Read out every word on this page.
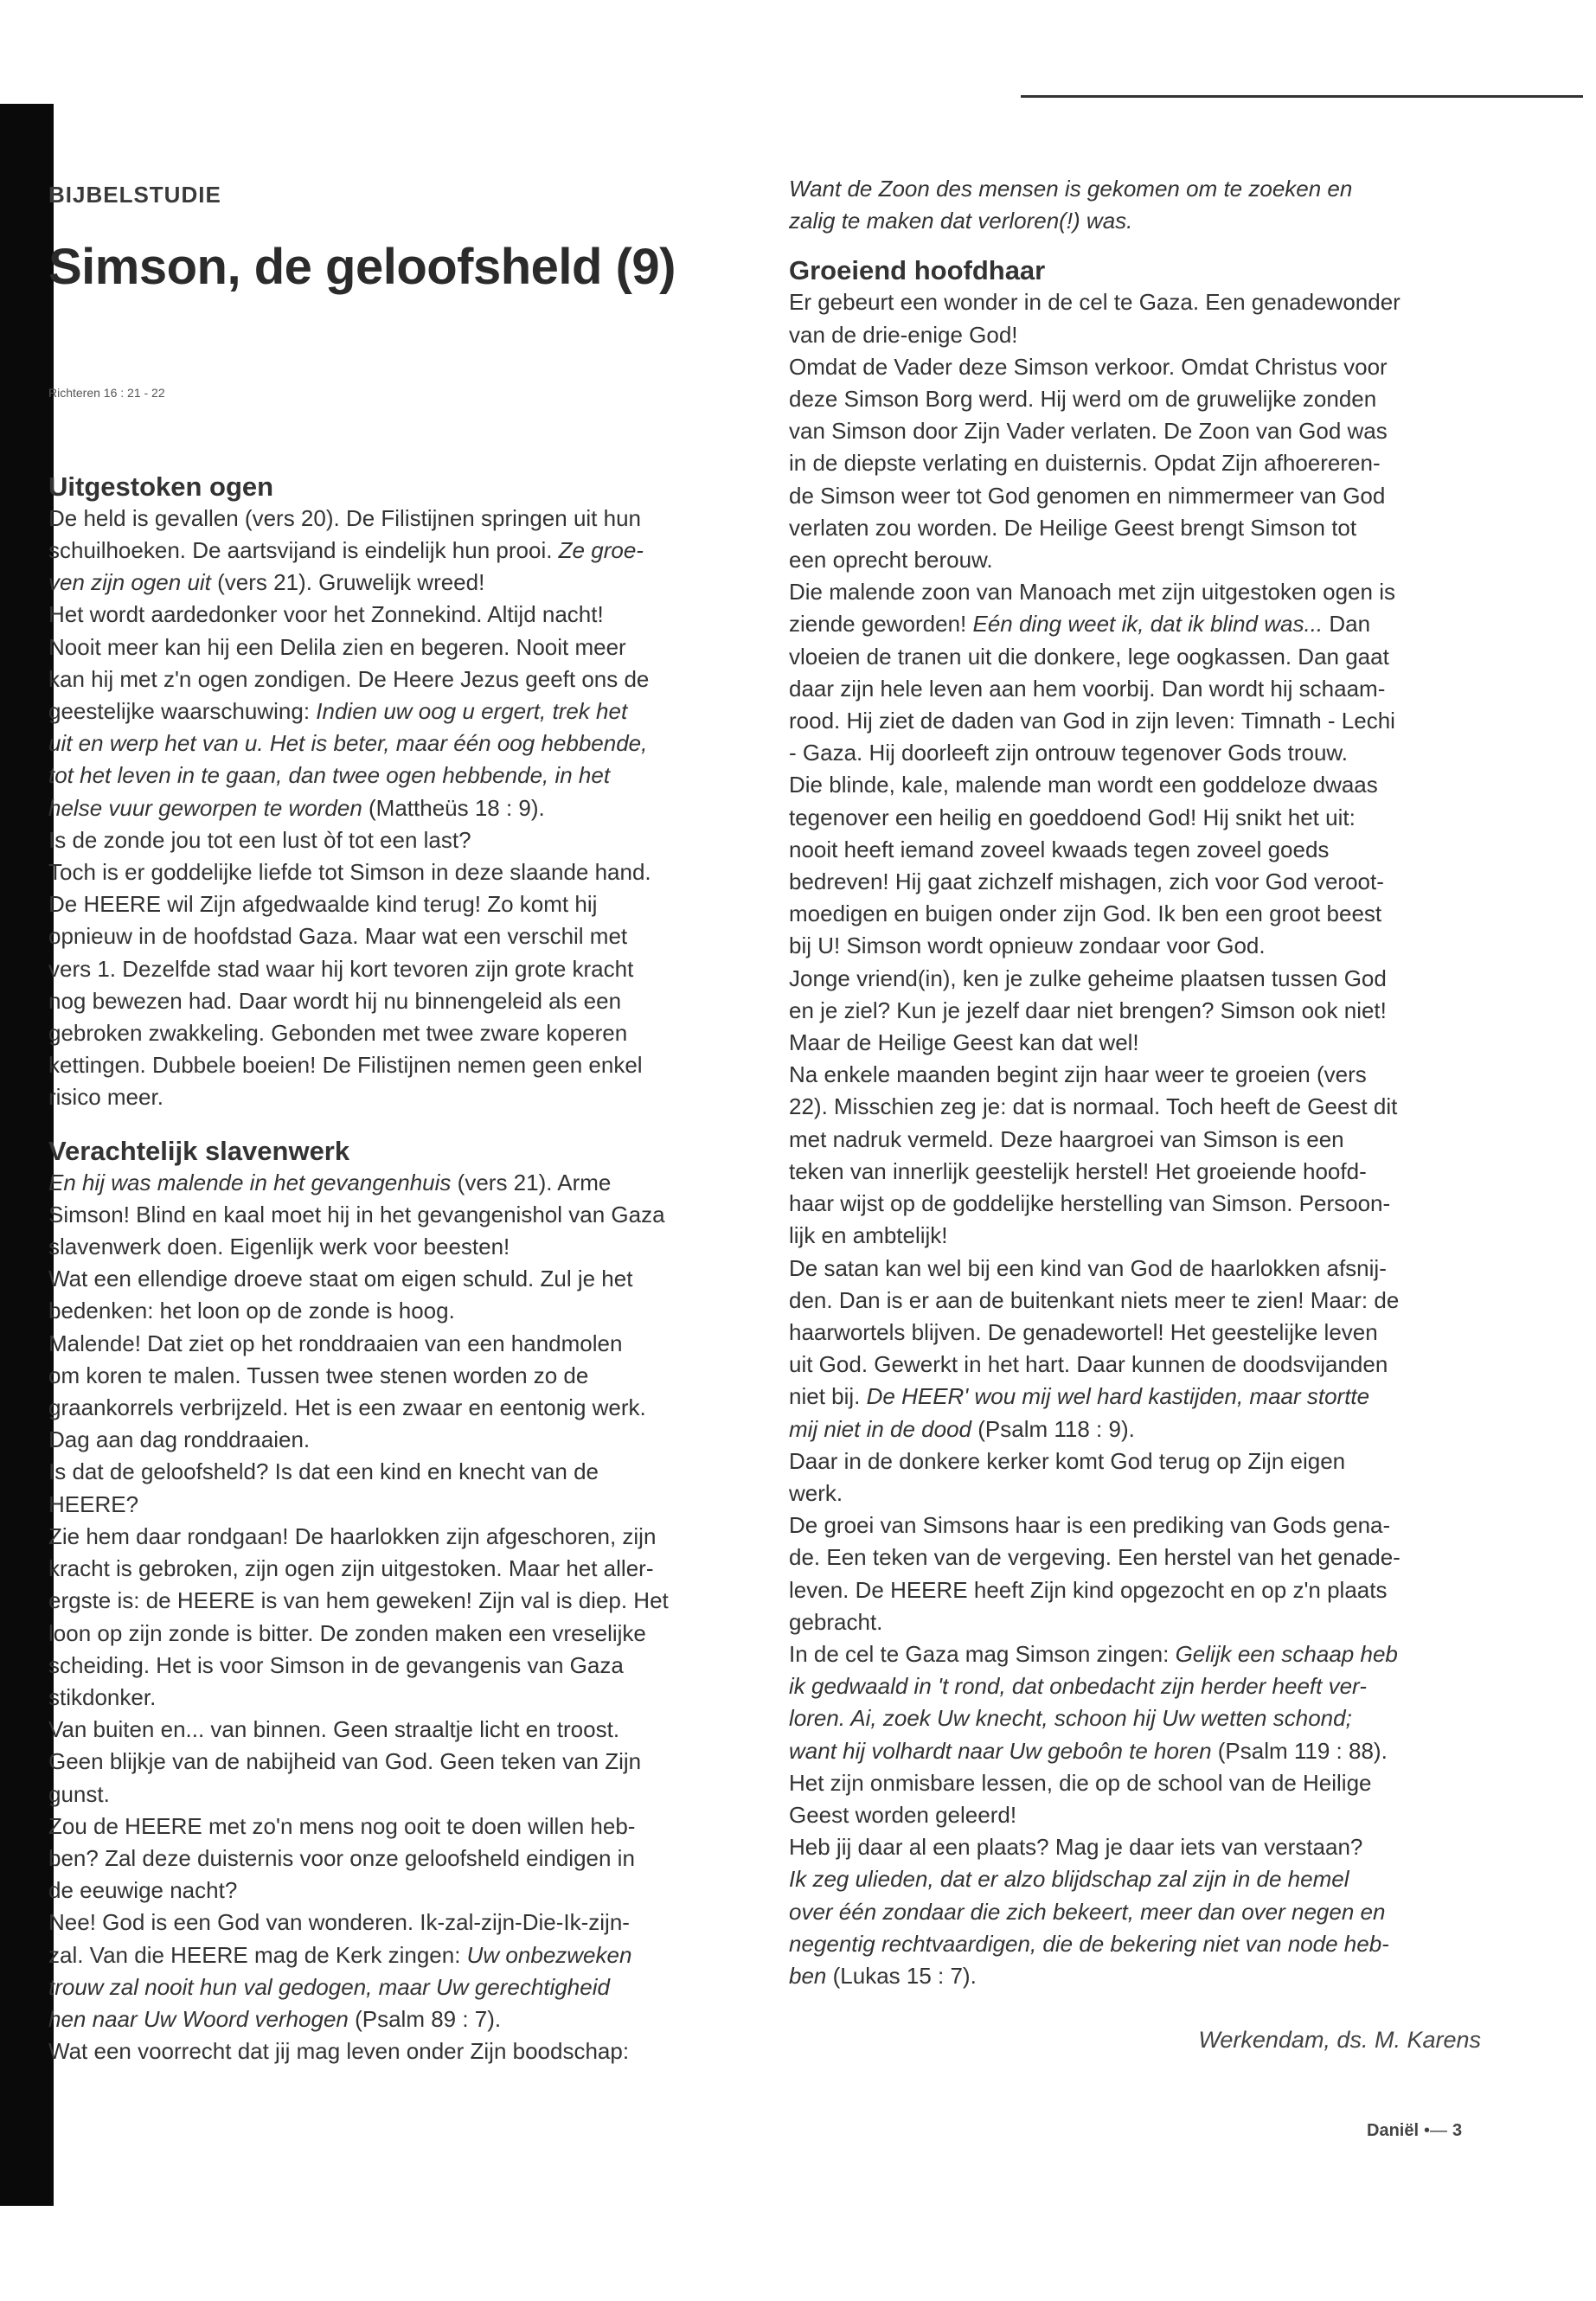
BIJBELSTUDIE
Simson, de geloofsheld (9)
Richteren 16 : 21 - 22
Uitgestoken ogen
De held is gevallen (vers 20). De Filistijnen springen uit hun
schuilhoeken. De aartsvijand is eindelijk hun prooi. Ze groe-
ven zijn ogen uit (vers 21). Gruwelijk wreed!
Het wordt aardedonker voor het Zonnekind. Altijd nacht!
Nooit meer kan hij een Delila zien en begeren. Nooit meer
kan hij met z'n ogen zondigen. De Heere Jezus geeft ons de
geestelijke waarschuwing: Indien uw oog u ergert, trek het
uit en werp het van u. Het is beter, maar één oog hebbende,
tot het leven in te gaan, dan twee ogen hebbende, in het
helse vuur geworpen te worden (Mattheüs 18 : 9).
Is de zonde jou tot een lust òf tot een last?
Toch is er goddelijke liefde tot Simson in deze slaande hand.
De HEERE wil Zijn afgedwaalde kind terug! Zo komt hij
opnieuw in de hoofdstad Gaza. Maar wat een verschil met
vers 1. Dezelfde stad waar hij kort tevoren zijn grote kracht
nog bewezen had. Daar wordt hij nu binnengeleid als een
gebroken zwakkeling. Gebonden met twee zware koperen
kettingen. Dubbele boeien! De Filistijnen nemen geen enkel
risico meer.
Verachtelijk slavenwerk
En hij was malende in het gevangenhuis (vers 21). Arme
Simson! Blind en kaal moet hij in het gevangenishol van Gaza
slavenwerk doen. Eigenlijk werk voor beesten!
Wat een ellendige droeve staat om eigen schuld. Zul je het
bedenken: het loon op de zonde is hoog.
Malende! Dat ziet op het ronddraaien van een handmolen
om koren te malen. Tussen twee stenen worden zo de
graankorrels verbrijzeld. Het is een zwaar en eentonig werk.
Dag aan dag ronddraaien.
Is dat de geloofsheld? Is dat een kind en knecht van de
HEERE?
Zie hem daar rondgaan! De haarlokken zijn afgeschoren, zijn
kracht is gebroken, zijn ogen zijn uitgestoken. Maar het aller-
ergste is: de HEERE is van hem geweken! Zijn val is diep. Het
loon op zijn zonde is bitter. De zonden maken een vreselijke
scheiding. Het is voor Simson in de gevangenis van Gaza
stikdonker.
Van buiten en... van binnen. Geen straaltje licht en troost.
Geen blijkje van de nabijheid van God. Geen teken van Zijn
gunst.
Zou de HEERE met zo'n mens nog ooit te doen willen heb-
ben? Zal deze duisternis voor onze geloofsheld eindigen in
de eeuwige nacht?
Nee! God is een God van wonderen. Ik-zal-zijn-Die-Ik-zijn-
zal. Van die HEERE mag de Kerk zingen: Uw onbezweken
trouw zal nooit hun val gedogen, maar Uw gerechtigheid
hen naar Uw Woord verhogen (Psalm 89 : 7).
Wat een voorrecht dat jij mag leven onder Zijn boodschap:
Want de Zoon des mensen is gekomen om te zoeken en
zalig te maken dat verloren(!) was.
Groeiend hoofdhaar
Er gebeurt een wonder in de cel te Gaza. Een genadewonder
van de drie-enige God!
Omdat de Vader deze Simson verkoor. Omdat Christus voor
deze Simson Borg werd. Hij werd om de gruwelijke zonden
van Simson door Zijn Vader verlaten. De Zoon van God was
in de diepste verlating en duisternis. Opdat Zijn afhoereren-
de Simson weer tot God genomen en nimmermeer van God
verlaten zou worden. De Heilige Geest brengt Simson tot
een oprecht berouw.
Die malende zoon van Manoach met zijn uitgestoken ogen is
ziende geworden! Eén ding weet ik, dat ik blind was... Dan
vloeien de tranen uit die donkere, lege oogkassen. Dan gaat
daar zijn hele leven aan hem voorbij. Dan wordt hij schaam-
rood. Hij ziet de daden van God in zijn leven: Timnath - Lechi
- Gaza. Hij doorleeft zijn ontrouw tegenover Gods trouw.
Die blinde, kale, malende man wordt een goddeloze dwaas
tegenover een heilig en goeddoend God! Hij snikt het uit:
nooit heeft iemand zoveel kwaads tegen zoveel goeds
bedreven! Hij gaat zichzelf mishagen, zich voor God veroot-
moedigen en buigen onder zijn God. Ik ben een groot beest
bij U! Simson wordt opnieuw zondaar voor God.
Jonge vriend(in), ken je zulke geheime plaatsen tussen God
en je ziel? Kun je jezelf daar niet brengen? Simson ook niet!
Maar de Heilige Geest kan dat wel!
Na enkele maanden begint zijn haar weer te groeien (vers
22). Misschien zeg je: dat is normaal. Toch heeft de Geest dit
met nadruk vermeld. Deze haargroei van Simson is een
teken van innerlijk geestelijk herstel! Het groeiende hoofd-
haar wijst op de goddelijke herstelling van Simson. Persoon-
lijk en ambtelijk!
De satan kan wel bij een kind van God de haarlokken afsnij-
den. Dan is er aan de buitenkant niets meer te zien! Maar: de
haarwortels blijven. De genadewortel! Het geestelijke leven
uit God. Gewerkt in het hart. Daar kunnen de doodsvijanden
niet bij. De HEER' wou mij wel hard kastijden, maar stortte
mij niet in de dood (Psalm 118 : 9).
Daar in de donkere kerker komt God terug op Zijn eigen
werk.
De groei van Simsons haar is een prediking van Gods gena-
de. Een teken van de vergeving. Een herstel van het genade-
leven. De HEERE heeft Zijn kind opgezocht en op z'n plaats
gebracht.
In de cel te Gaza mag Simson zingen: Gelijk een schaap heb
ik gedwaald in 't rond, dat onbedacht zijn herder heeft ver-
loren. Ai, zoek Uw knecht, schoon hij Uw wetten schond;
want hij volhardt naar Uw geboôn te horen (Psalm 119 : 88).
Het zijn onmisbare lessen, die op de school van de Heilige
Geest worden geleerd!
Heb jij daar al een plaats? Mag je daar iets van verstaan?
Ik zeg ulieden, dat er alzo blijdschap zal zijn in de hemel
over één zondaar die zich bekeert, meer dan over negen en
negentig rechtvaardigen, die de bekering niet van node heb-
ben (Lukas 15 : 7).
Werkendam, ds. M. Karens
Daniël •— 3
